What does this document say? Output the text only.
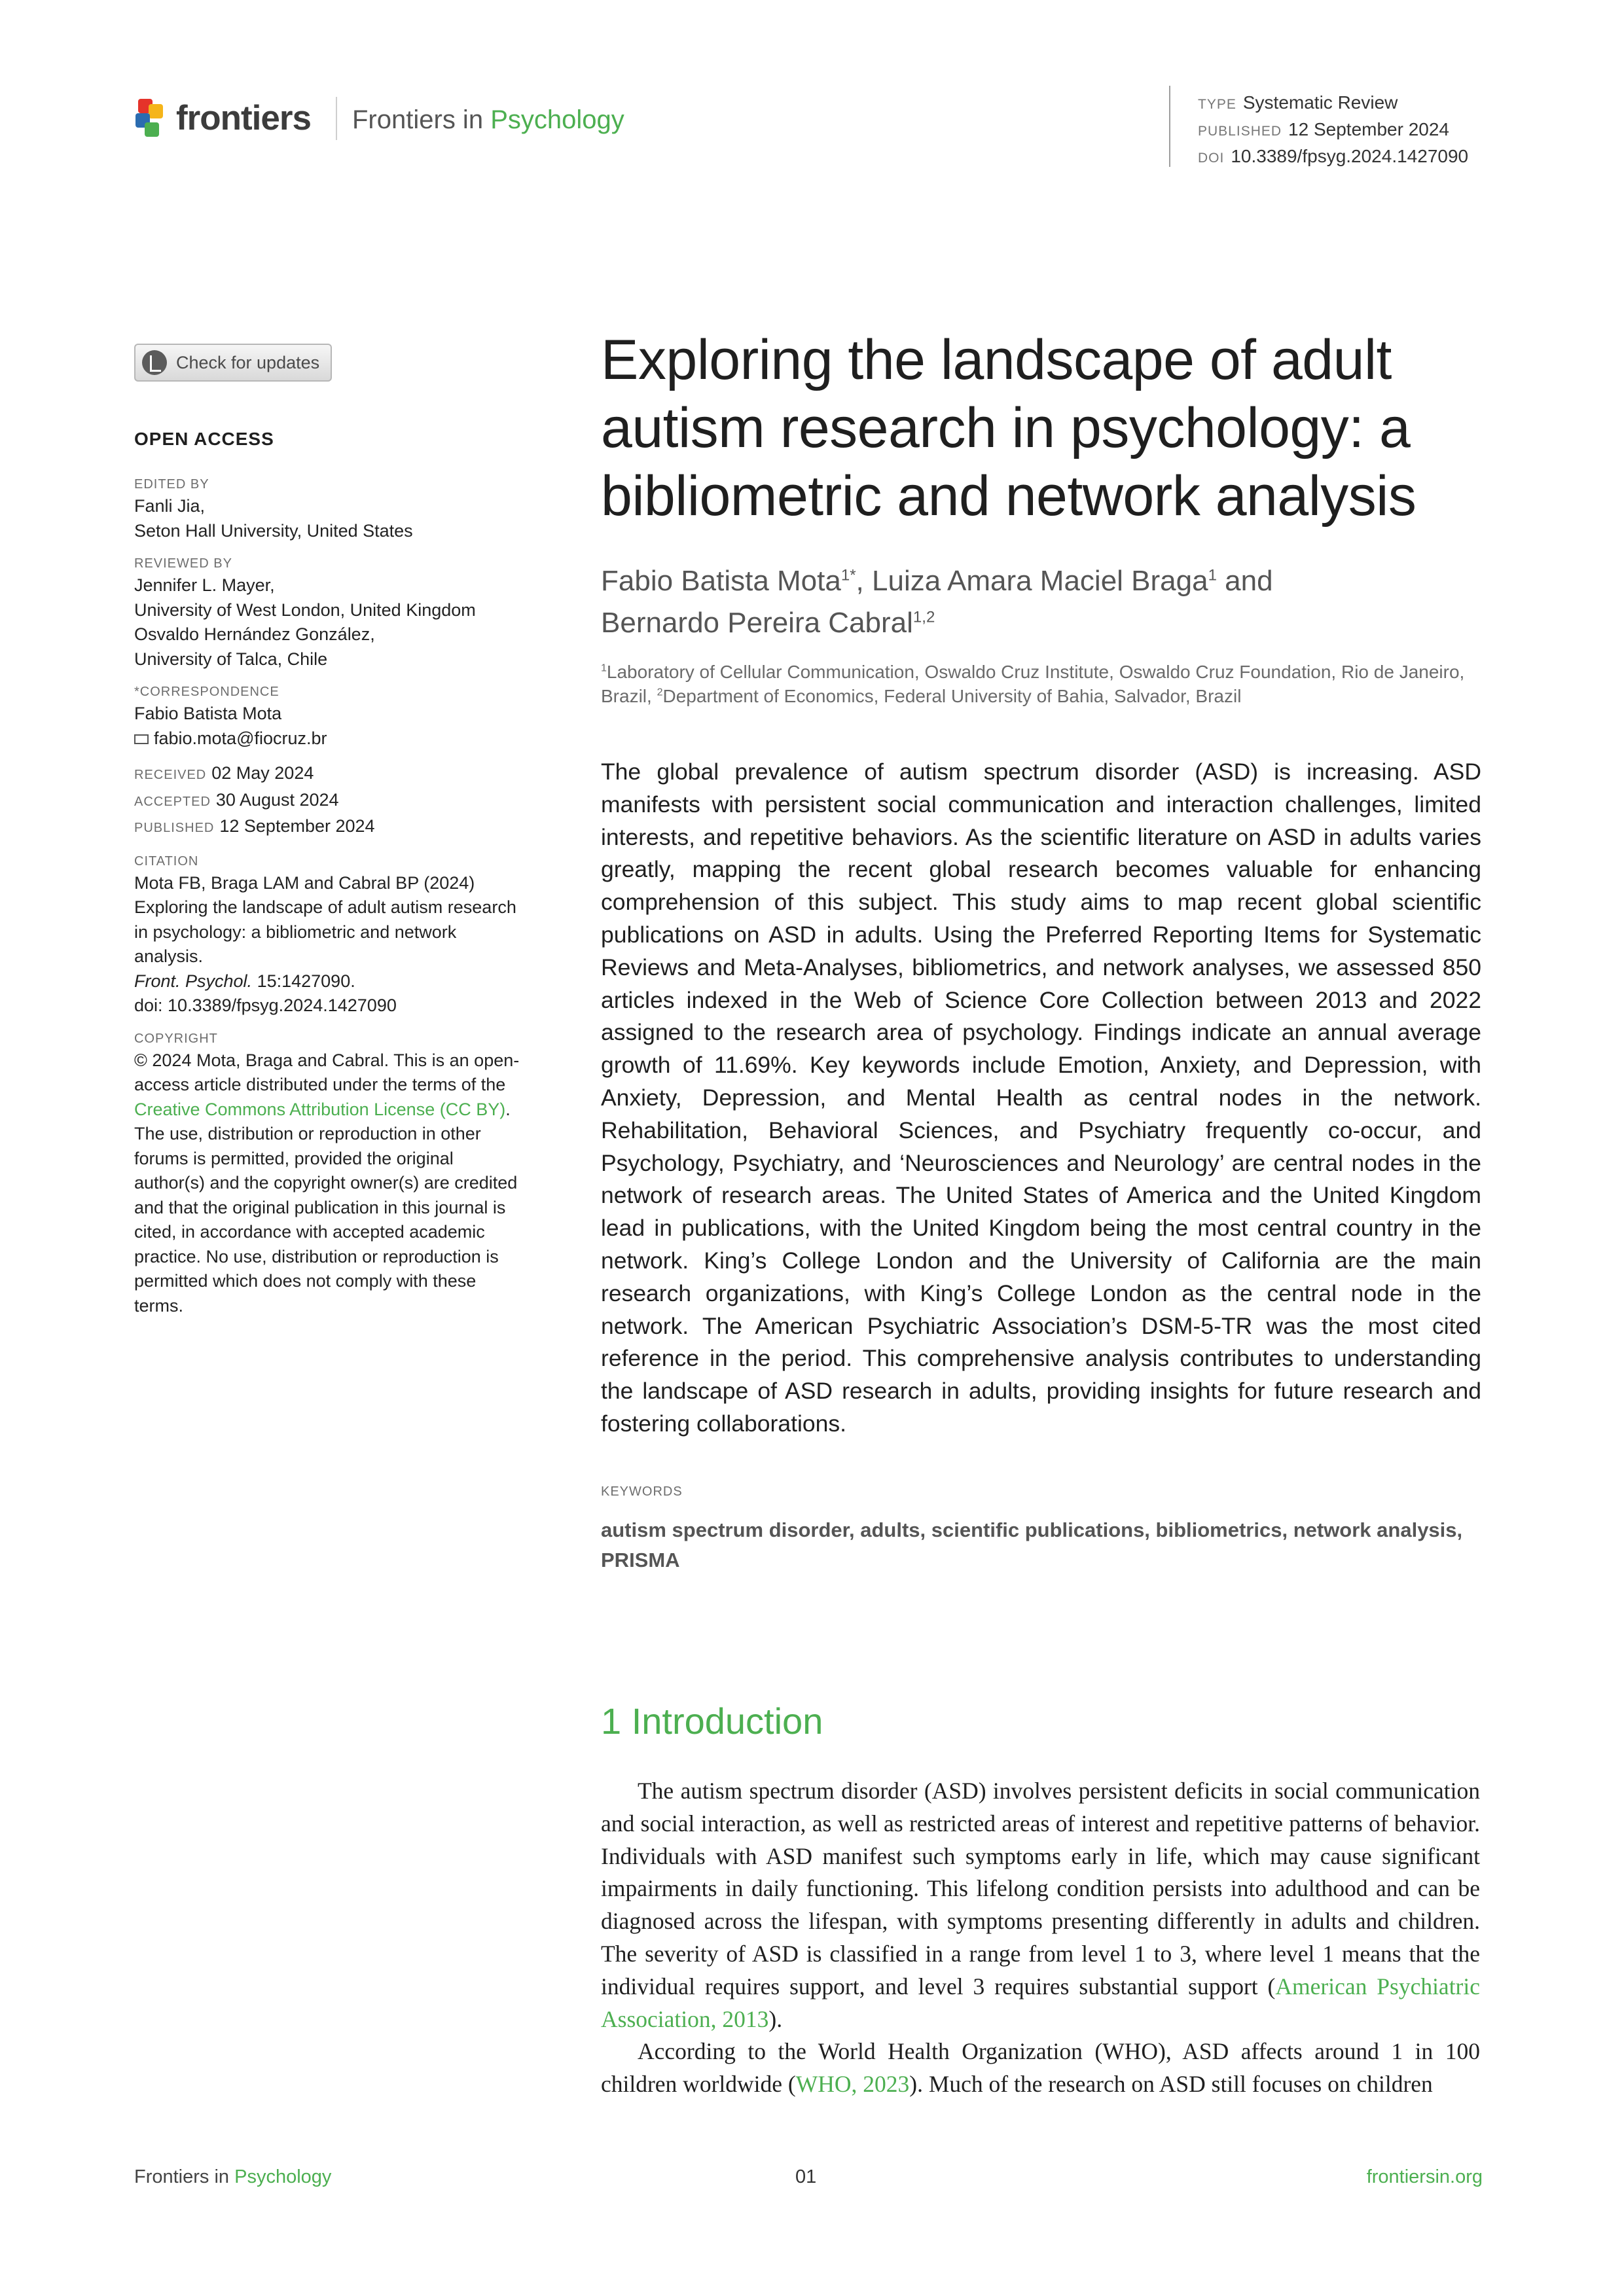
frontiers Frontiers in Psychology
TYPE Systematic Review
PUBLISHED 12 September 2024
DOI 10.3389/fpsyg.2024.1427090
Check for updates
OPEN ACCESS
EDITED BY
Fanli Jia,
Seton Hall University, United States
REVIEWED BY
Jennifer L. Mayer,
University of West London, United Kingdom
Osvaldo Hernández González,
University of Talca, Chile
*CORRESPONDENCE
Fabio Batista Mota
fabio.mota@fiocruz.br
RECEIVED 02 May 2024
ACCEPTED 30 August 2024
PUBLISHED 12 September 2024
CITATION
Mota FB, Braga LAM and Cabral BP (2024) Exploring the landscape of adult autism research in psychology: a bibliometric and network analysis.
Front. Psychol. 15:1427090.
doi: 10.3389/fpsyg.2024.1427090
COPYRIGHT
© 2024 Mota, Braga and Cabral. This is an open-access article distributed under the terms of the Creative Commons Attribution License (CC BY). The use, distribution or reproduction in other forums is permitted, provided the original author(s) and the copyright owner(s) are credited and that the original publication in this journal is cited, in accordance with accepted academic practice. No use, distribution or reproduction is permitted which does not comply with these terms.
Exploring the landscape of adult autism research in psychology: a bibliometric and network analysis
Fabio Batista Mota$^{1*}$, Luiza Amara Maciel Braga$^1$ and
Bernardo Pereira Cabral$^{1,2}$
$^1$Laboratory of Cellular Communication, Oswaldo Cruz Institute, Oswaldo Cruz Foundation, Rio de Janeiro, Brazil, $^2$Department of Economics, Federal University of Bahia, Salvador, Brazil
The global prevalence of autism spectrum disorder (ASD) is increasing. ASD manifests with persistent social communication and interaction challenges, limited interests, and repetitive behaviors. As the scientific literature on ASD in adults varies greatly, mapping the recent global research becomes valuable for enhancing comprehension of this subject. This study aims to map recent global scientific publications on ASD in adults. Using the Preferred Reporting Items for Systematic Reviews and Meta-Analyses, bibliometrics, and network analyses, we assessed 850 articles indexed in the Web of Science Core Collection between 2013 and 2022 assigned to the research area of psychology. Findings indicate an annual average growth of 11.69%. Key keywords include Emotion, Anxiety, and Depression, with Anxiety, Depression, and Mental Health as central nodes in the network. Rehabilitation, Behavioral Sciences, and Psychiatry frequently co-occur, and Psychology, Psychiatry, and ‘Neurosciences and Neurology’ are central nodes in the network of research areas. The United States of America and the United Kingdom lead in publications, with the United Kingdom being the most central country in the network. King’s College London and the University of California are the main research organizations, with King’s College London as the central node in the network. The American Psychiatric Association’s DSM-5-TR was the most cited reference in the period. This comprehensive analysis contributes to understanding the landscape of ASD research in adults, providing insights for future research and fostering collaborations.
KEYWORDS
autism spectrum disorder, adults, scientific publications, bibliometrics, network analysis, PRISMA
1 Introduction

The autism spectrum disorder (ASD) involves persistent deficits in social communication and social interaction, as well as restricted areas of interest and repetitive patterns of behavior. Individuals with ASD manifest such symptoms early in life, which may cause significant impairments in daily functioning. This lifelong condition persists into adulthood and can be diagnosed across the lifespan, with symptoms presenting differently in adults and children. The severity of ASD is classified in a range from level 1 to 3, where level 1 means that the individual requires support, and level 3 requires substantial support (American Psychiatric Association, 2013).

According to the World Health Organization (WHO), ASD affects around 1 in 100 children worldwide (WHO, 2023). Much of the research on ASD still focuses on children

Frontiers in Psychology	01	frontiersin.org
